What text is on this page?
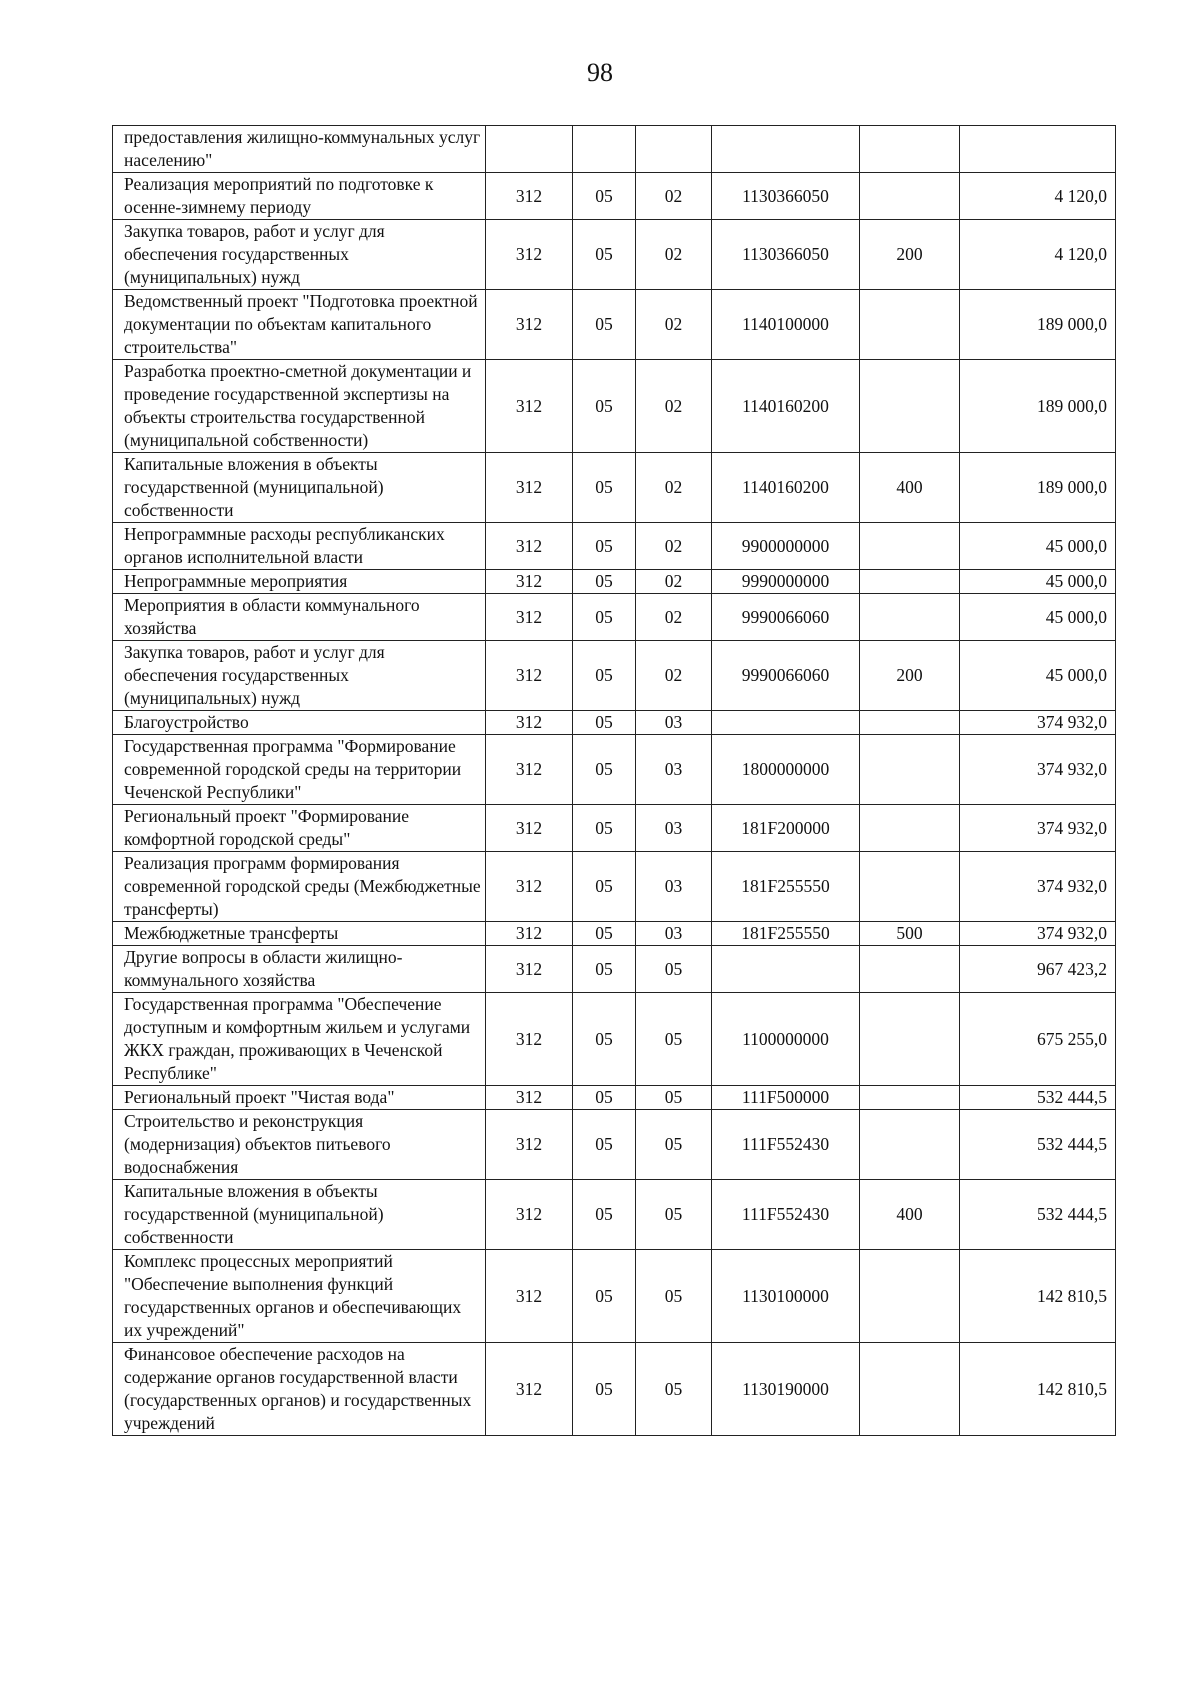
98
предоставления жилищно-коммунальных услуг населению"						
Реализация мероприятий по подготовке к осенне-зимнему периоду	312	05	02	1130366050		4 120,0
Закупка товаров, работ и услуг для обеспечения государственных (муниципальных) нужд	312	05	02	1130366050	200	4 120,0
Ведомственный проект "Подготовка проектной документации по объектам капитального строительства"	312	05	02	1140100000		189 000,0
Разработка проектно-сметной документации и проведение государственной экспертизы на объекты строительства государственной (муниципальной собственности)	312	05	02	1140160200		189 000,0
Капитальные вложения в объекты государственной (муниципальной) собственности	312	05	02	1140160200	400	189 000,0
Непрограммные расходы республиканских органов исполнительной власти	312	05	02	9900000000		45 000,0
Непрограммные мероприятия	312	05	02	9990000000		45 000,0
Мероприятия в области коммунального хозяйства	312	05	02	9990066060		45 000,0
Закупка товаров, работ и услуг для обеспечения государственных (муниципальных) нужд	312	05	02	9990066060	200	45 000,0
Благоустройство	312	05	03			374 932,0
Государственная программа "Формирование современной городской среды на территории Чеченской Республики"	312	05	03	1800000000		374 932,0
Региональный проект "Формирование комфортной городской среды"	312	05	03	181F200000		374 932,0
Реализация программ формирования современной городской среды (Межбюджетные трансферты)	312	05	03	181F255550		374 932,0
Межбюджетные трансферты	312	05	03	181F255550	500	374 932,0
Другие вопросы в области жилищно-коммунального хозяйства	312	05	05			967 423,2
Государственная программа "Обеспечение доступным и комфортным жильем и услугами ЖКХ граждан, проживающих в Чеченской Республике"	312	05	05	1100000000		675 255,0
Региональный проект "Чистая вода"	312	05	05	111F500000		532 444,5
Строительство и реконструкция (модернизация) объектов питьевого водоснабжения	312	05	05	111F552430		532 444,5
Капитальные вложения в объекты государственной (муниципальной) собственности	312	05	05	111F552430	400	532 444,5
Комплекс процессных мероприятий "Обеспечение выполнения функций государственных органов и обеспечивающих их учреждений"	312	05	05	1130100000		142 810,5
Финансовое обеспечение расходов на содержание органов государственной власти (государственных органов) и государственных учреждений	312	05	05	1130190000		142 810,5
